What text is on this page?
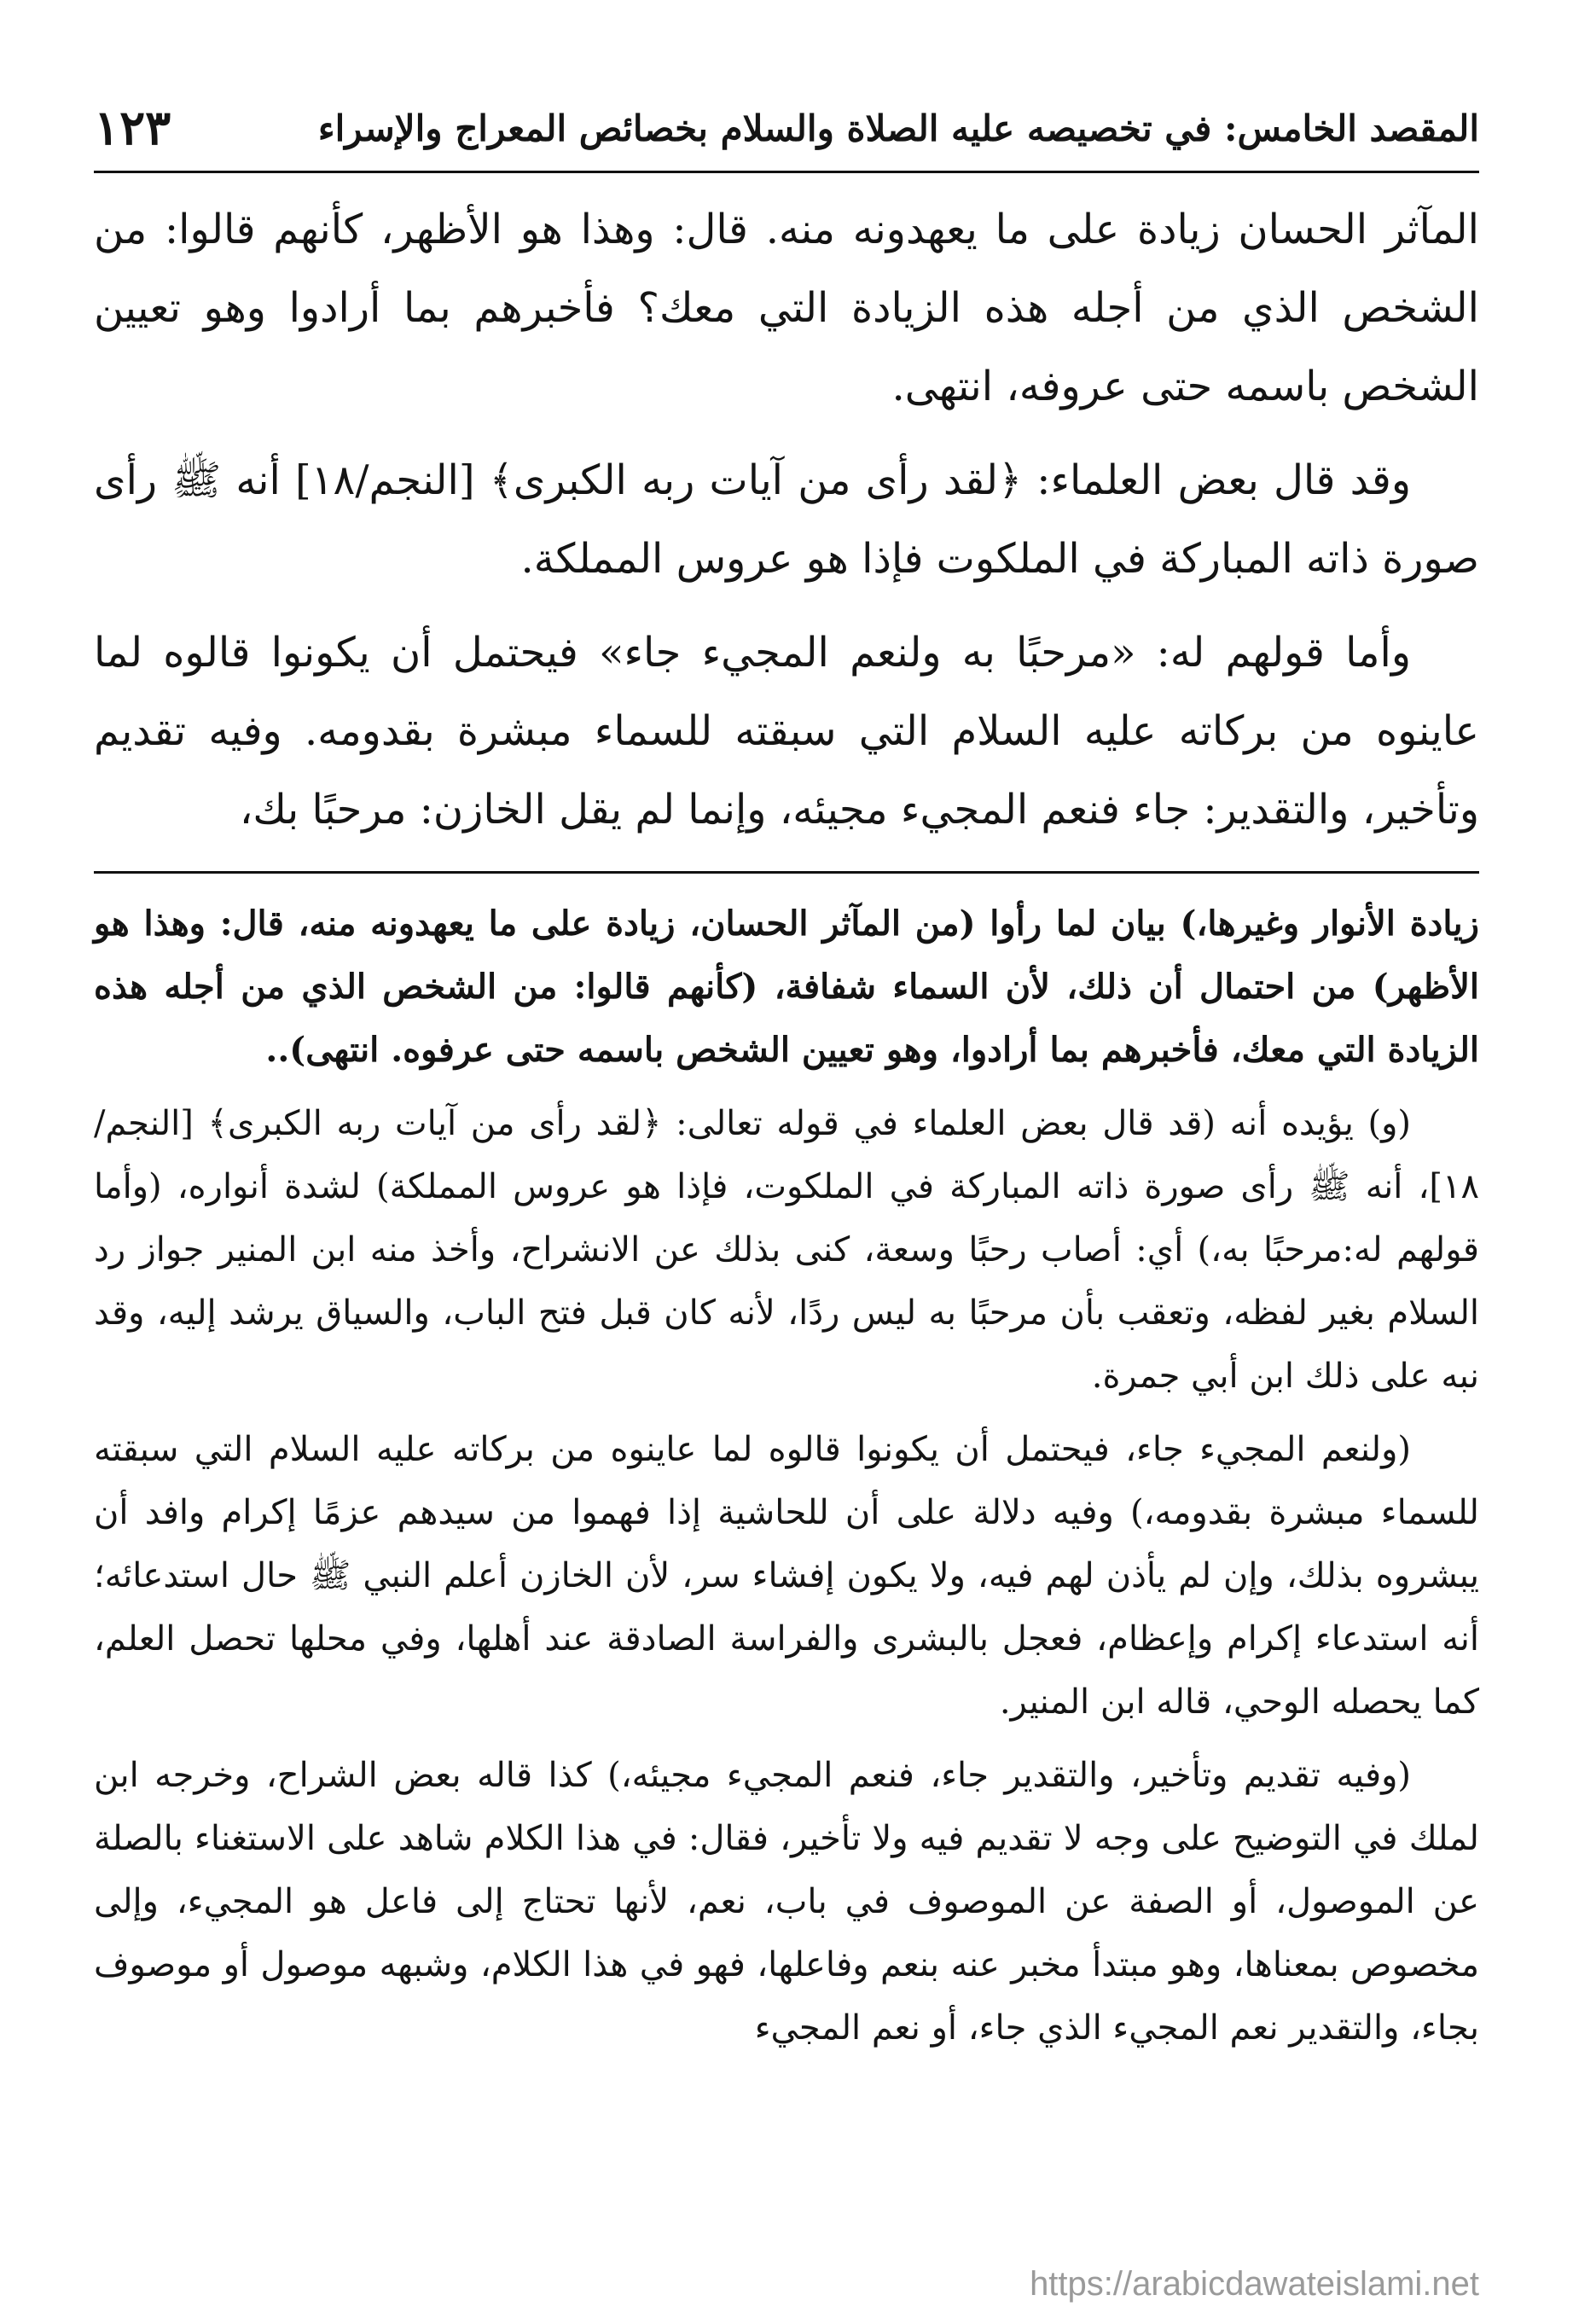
المقصد الخامس: في تخصيصه عليه الصلاة والسلام بخصائص المعراج والإسراء
١٢٣

المآثر الحسان زيادة على ما يعهدونه منه. قال: وهذا هو الأظهر، كأنهم قالوا: من الشخص الذي من أجله هذه الزيادة التي معك؟ فأخبرهم بما أرادوا وهو تعيين الشخص باسمه حتى عروفه، انتهى.

وقد قال بعض العلماء: ﴿لقد رأى من آيات ربه الكبرى﴾ [النجم/١٨] أنه ﷺ رأى صورة ذاته المباركة في الملكوت فإذا هو عروس المملكة.

وأما قولهم له: «مرحبًا به ولنعم المجيء جاء» فيحتمل أن يكونوا قالوه لما عاينوه من بركاته عليه السلام التي سبقته للسماء مبشرة بقدومه. وفيه تقديم وتأخير، والتقدير: جاء فنعم المجيء مجيئه، وإنما لم يقل الخازن: مرحبًا بك،

زيادة الأنوار وغيرها،) بيان لما رأوا (من المآثر الحسان، زيادة على ما يعهدونه منه، قال: وهذا هو الأظهر) من احتمال أن ذلك، لأن السماء شفافة، (كأنهم قالوا: من الشخص الذي من أجله هذه الزيادة التي معك، فأخبرهم بما أرادوا، وهو تعيين الشخص باسمه حتى عرفوه. انتهى)..

(و) يؤيده أنه (قد قال بعض العلماء في قوله تعالى: ﴿لقد رأى من آيات ربه الكبرى﴾ [النجم/١٨]، أنه ﷺ رأى صورة ذاته المباركة في الملكوت، فإذا هو عروس المملكة) لشدة أنواره، (وأما قولهم له:مرحبًا به،) أي: أصاب رحبًا وسعة، كنى بذلك عن الانشراح، وأخذ منه ابن المنير جواز رد السلام بغير لفظه، وتعقب بأن مرحبًا به ليس ردًا، لأنه كان قبل فتح الباب، والسياق يرشد إليه، وقد نبه على ذلك ابن أبي جمرة.

(ولنعم المجيء جاء، فيحتمل أن يكونوا قالوه لما عاينوه من بركاته عليه السلام التي سبقته للسماء مبشرة بقدومه،) وفيه دلالة على أن للحاشية إذا فهموا من سيدهم عزمًا إكرام وافد أن يبشروه بذلك، وإن لم يأذن لهم فيه، ولا يكون إفشاء سر، لأن الخازن أعلم النبي ﷺ حال استدعائه؛ أنه استدعاء إكرام وإعظام، فعجل بالبشرى والفراسة الصادقة عند أهلها، وفي محلها تحصل العلم، كما يحصله الوحي، قاله ابن المنير.

(وفيه تقديم وتأخير، والتقدير جاء، فنعم المجيء مجيئه،) كذا قاله بعض الشراح، وخرجه ابن لملك في التوضيح على وجه لا تقديم فيه ولا تأخير، فقال: في هذا الكلام شاهد على الاستغناء بالصلة عن الموصول، أو الصفة عن الموصوف في باب، نعم، لأنها تحتاج إلى فاعل هو المجيء، وإلى مخصوص بمعناها، وهو مبتدأ مخبر عنه بنعم وفاعلها، فهو في هذا الكلام، وشبهه موصول أو موصوف بجاء، والتقدير نعم المجيء الذي جاء، أو نعم المجيء

https://arabicdawateislami.net
